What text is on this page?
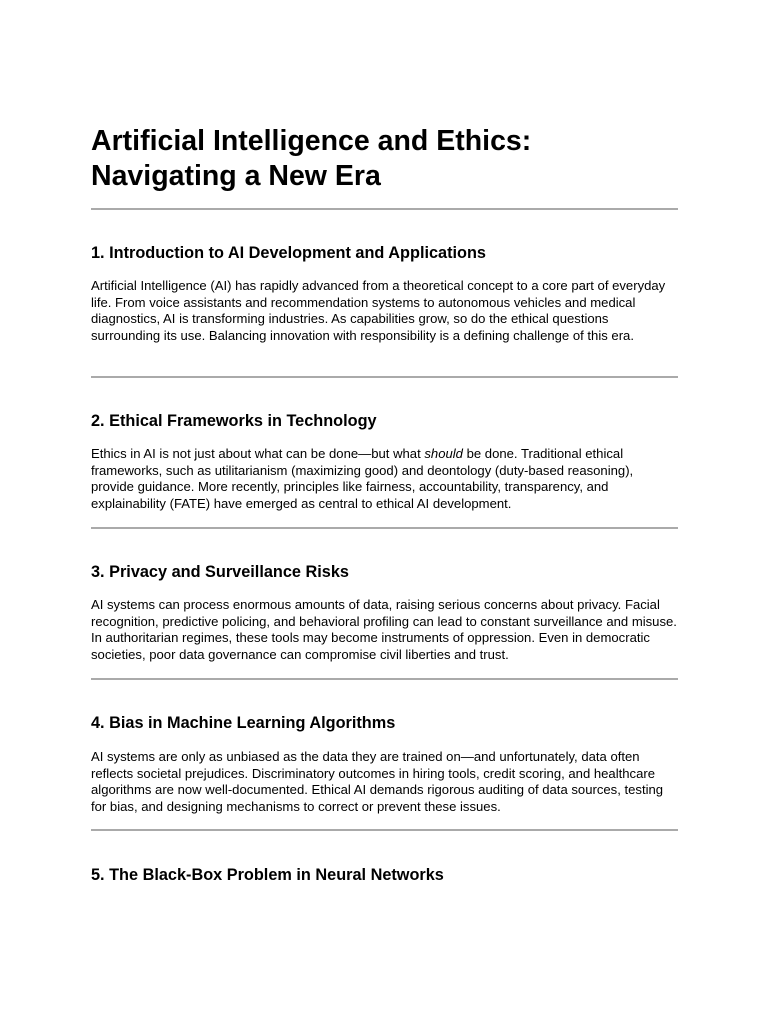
Artificial Intelligence and Ethics:
Navigating a New Era
1. Introduction to AI Development and Applications

Artificial Intelligence (AI) has rapidly advanced from a theoretical concept to a core part of everyday life. From voice assistants and recommendation systems to autonomous vehicles and medical diagnostics, AI is transforming industries. As capabilities grow, so do the ethical questions surrounding its use. Balancing innovation with responsibility is a defining challenge of this era.

2. Ethical Frameworks in Technology

Ethics in AI is not just about what can be done—but what should be done. Traditional ethical frameworks, such as utilitarianism (maximizing good) and deontology (duty-based reasoning), provide guidance. More recently, principles like fairness, accountability, transparency, and explainability (FATE) have emerged as central to ethical AI development.

3. Privacy and Surveillance Risks

AI systems can process enormous amounts of data, raising serious concerns about privacy. Facial recognition, predictive policing, and behavioral profiling can lead to constant surveillance and misuse. In authoritarian regimes, these tools may become instruments of oppression. Even in democratic societies, poor data governance can compromise civil liberties and trust.

4. Bias in Machine Learning Algorithms

AI systems are only as unbiased as the data they are trained on—and unfortunately, data often reflects societal prejudices. Discriminatory outcomes in hiring tools, credit scoring, and healthcare algorithms are now well-documented. Ethical AI demands rigorous auditing of data sources, testing for bias, and designing mechanisms to correct or prevent these issues.

5. The Black-Box Problem in Neural Networks
